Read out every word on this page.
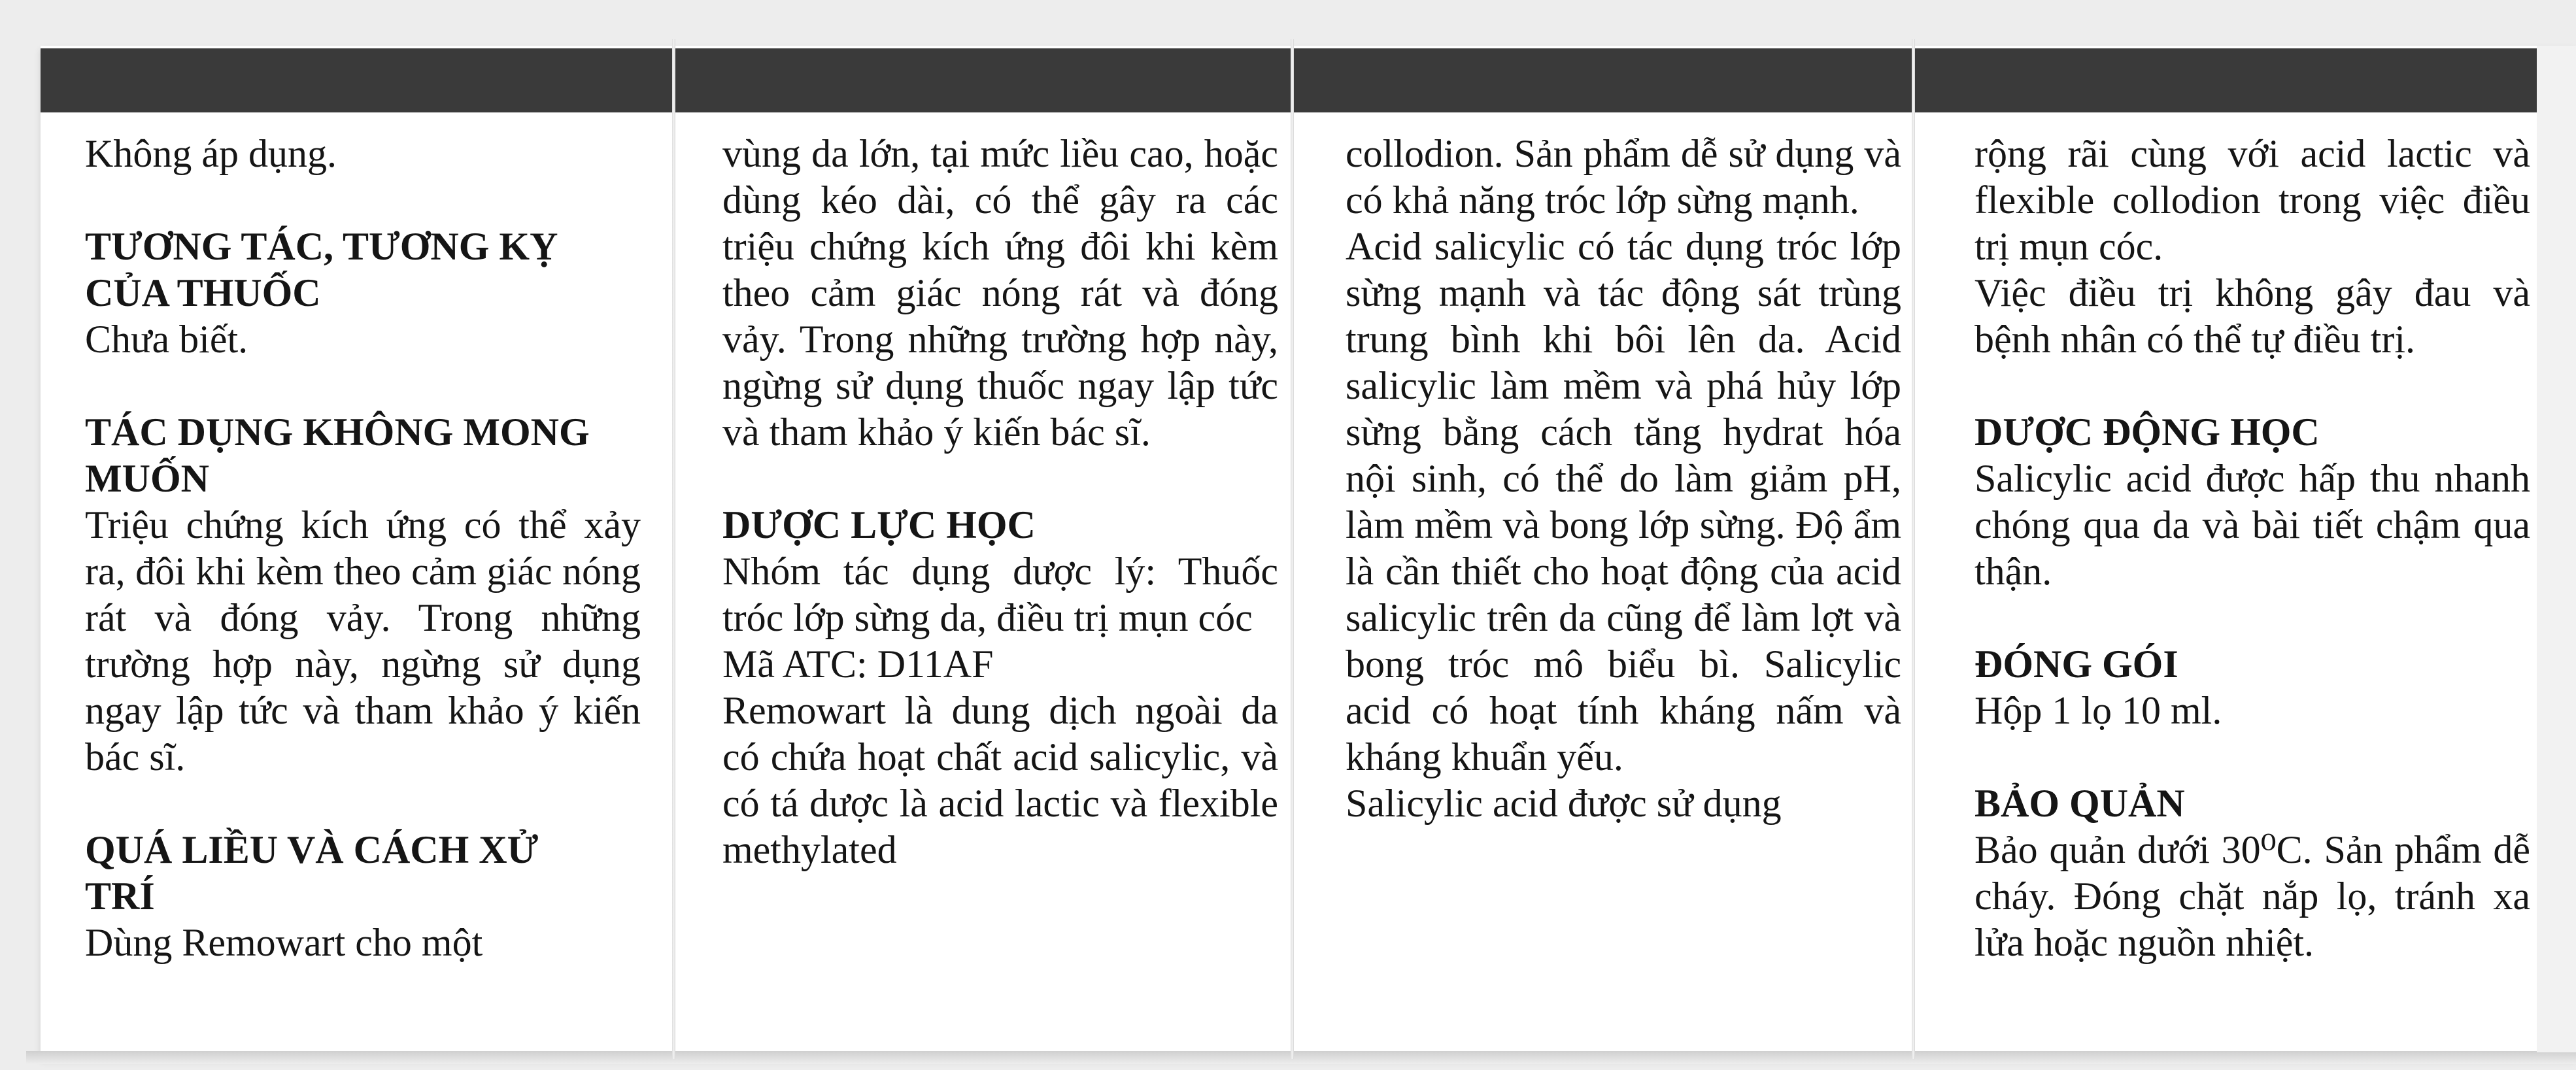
Không áp dụng.

TƯƠNG TÁC, TƯƠNG KỴ
CỦA THUỐC

Chưa biết.

TÁC DỤNG KHÔNG MONG
MUỐN

Triệu chứng kích ứng có thể xảy ra, đôi khi kèm theo cảm giác nóng rát và đóng vảy. Trong những trường hợp này, ngừng sử dụng ngay lập tức và tham khảo ý kiến bác sĩ.

QUÁ LIỀU VÀ CÁCH XỬ
TRÍ

Dùng Remowart cho một

vùng da lớn, tại mức liều cao, hoặc dùng kéo dài, có thể gây ra các triệu chứng kích ứng đôi khi kèm theo cảm giác nóng rát và đóng vảy. Trong những trường hợp này, ngừng sử dụng thuốc ngay lập tức và tham khảo ý kiến bác sĩ.

DƯỢC LỰC HỌC

Nhóm tác dụng dược lý: Thuốc tróc lớp sừng da, điều trị mụn cóc

Mã ATC: D11AF

Remowart là dung dịch ngoài da có chứa hoạt chất acid salicylic, và có tá dược là acid lactic và flexible methylated

collodion. Sản phẩm dễ sử dụng và có khả năng tróc lớp sừng mạnh.

Acid salicylic có tác dụng tróc lớp sừng mạnh và tác động sát trùng trung bình khi bôi lên da. Acid salicylic làm mềm và phá hủy lớp sừng bằng cách tăng hydrat hóa nội sinh, có thể do làm giảm pH, làm mềm và bong lớp sừng. Độ ẩm là cần thiết cho hoạt động của acid salicylic trên da cũng để làm lợt và bong tróc mô biểu bì. Salicylic acid có hoạt tính kháng nấm và kháng khuẩn yếu.

Salicylic acid được sử dụng

rộng rãi cùng với acid lactic và flexible collodion trong việc điều trị mụn cóc.

Việc điều trị không gây đau và bệnh nhân có thể tự điều trị.

DƯỢC ĐỘNG HỌC

Salicylic acid được hấp thu nhanh chóng qua da và bài tiết chậm qua thận.

ĐÓNG GÓI

Hộp 1 lọ 10 ml.

BẢO QUẢN

Bảo quản dưới 30⁰C. Sản phẩm dễ cháy. Đóng chặt nắp lọ, tránh xa lửa hoặc nguồn nhiệt.
